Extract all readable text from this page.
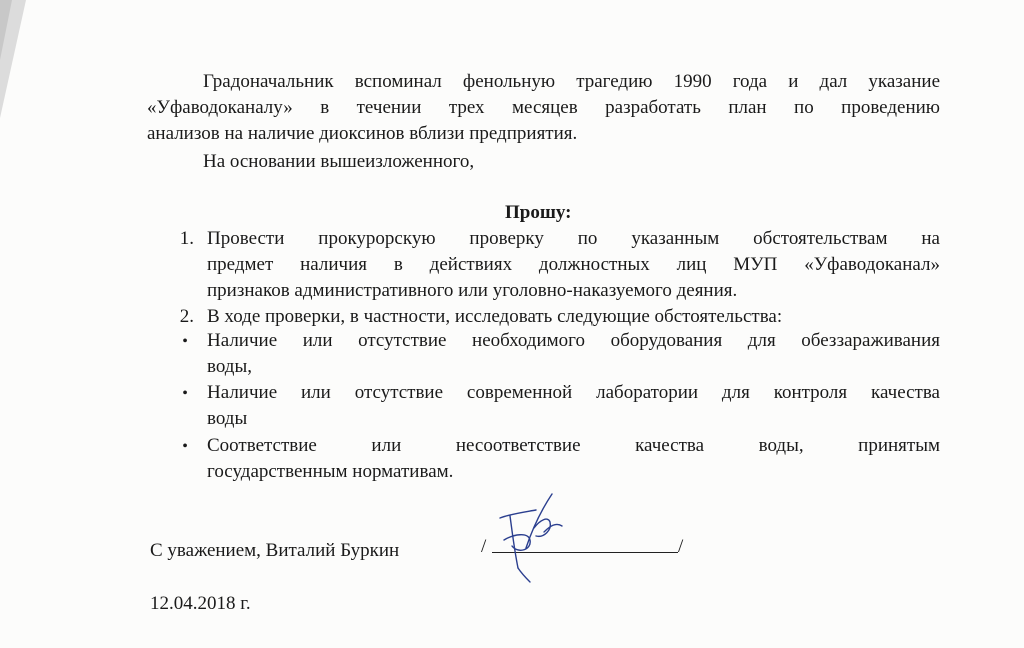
Градоначальник вспоминал фенольную трагедию 1990 года и дал указание
«Уфаводоканалу» в течении трех месяцев разработать план по проведению
анализов на наличие диоксинов вблизи предприятия.
На основании вышеизложенного,
Прошу:
1. Провести прокурорскую проверку по указанным обстоятельствам на
предмет наличия в действиях должностных лиц МУП «Уфаводоканал»
признаков административного или уголовно-наказуемого деяния.
2. В ходе проверки, в частности, исследовать следующие обстоятельства:
• Наличие или отсутствие необходимого оборудования для обеззараживания
воды,
• Наличие или отсутствие современной лаборатории для контроля качества
воды
• Соответствие или несоответствие качества воды, принятым
государственным нормативам.
С уважением, Виталий Буркин	/	/
12.04.2018 г.
